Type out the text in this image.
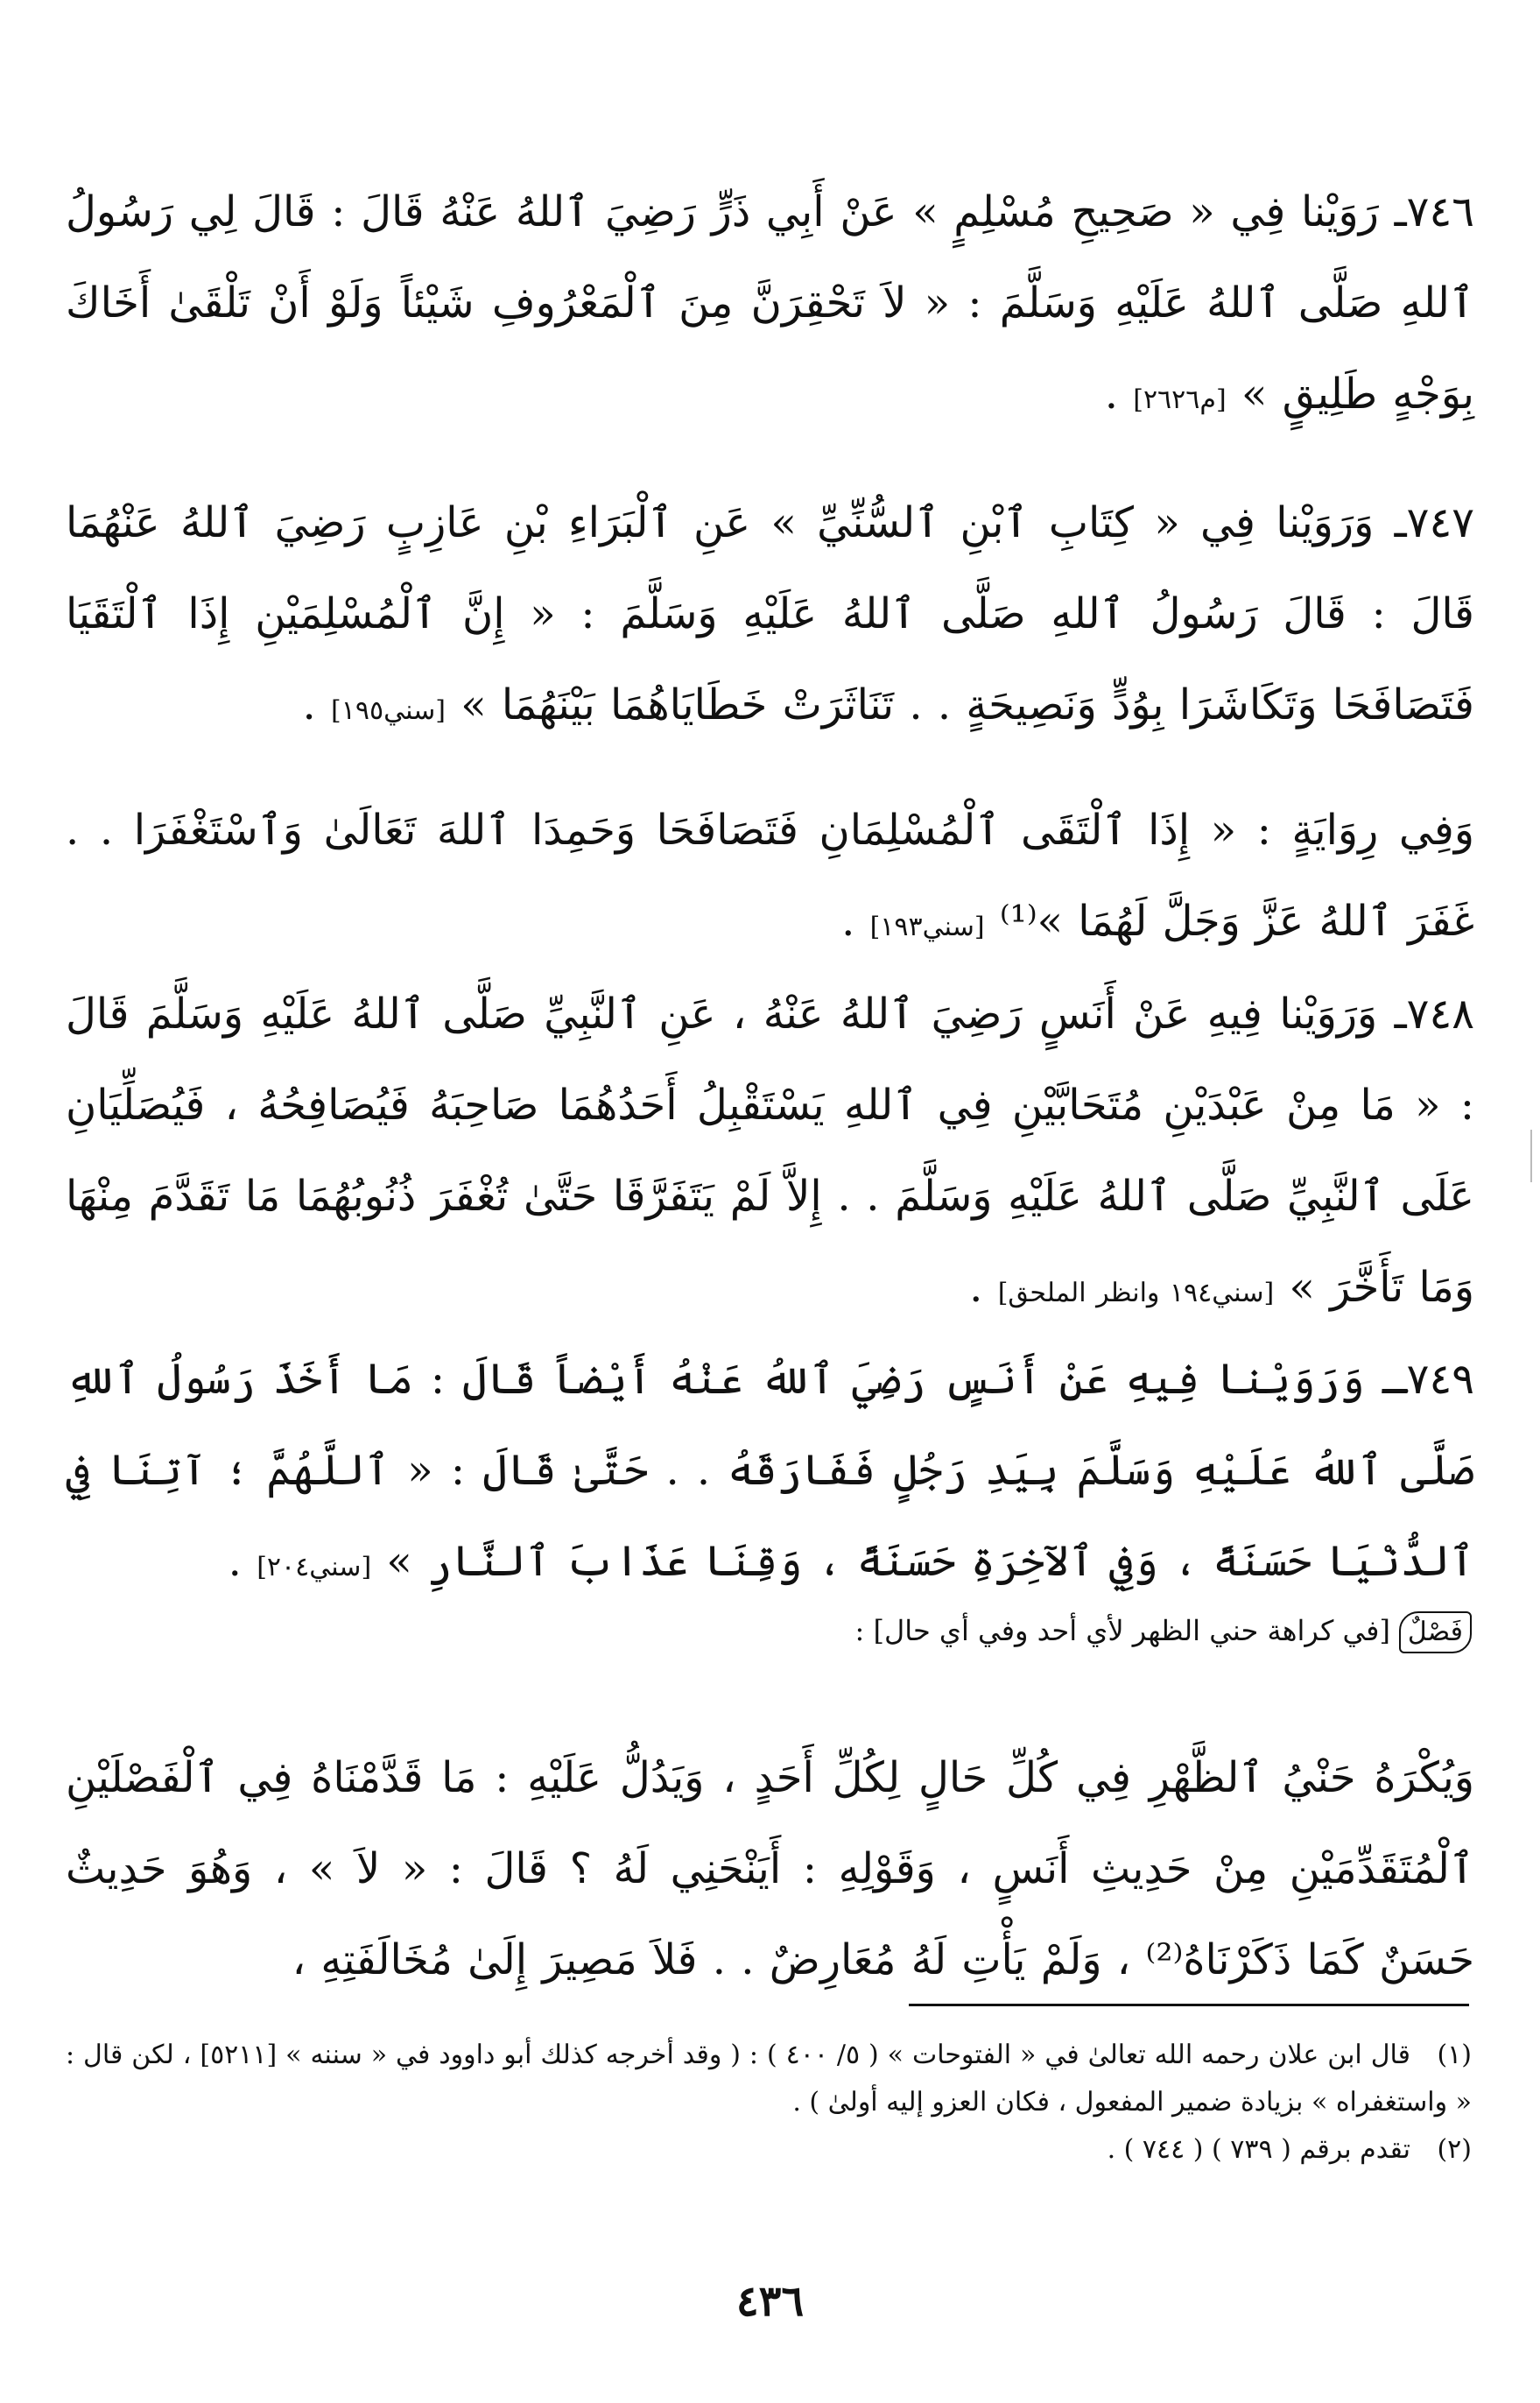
٧٤٦ـ رَوَيْنا فِي « صَحِيحِ مُسْلِمٍ » عَنْ أَبِي ذَرٍّ رَضِيَ ٱللهُ عَنْهُ قَالَ : قَالَ لِي رَسُولُ ٱللهِ صَلَّى ٱللهُ عَلَيْهِ وَسَلَّمَ : « لاَ تَحْقِرَنَّ مِنَ ٱلْمَعْرُوفِ شَيْئاً وَلَوْ أَنْ تَلْقَىٰ أَخَاكَ بِوَجْهٍ طَلِيقٍ » [م٢٦٢٦] .

٧٤٧ـ وَرَوَيْنا فِي « كِتَابِ ٱبْنِ ٱلسُّنِّيِّ » عَنِ ٱلْبَرَاءِ بْنِ عَازِبٍ رَضِيَ ٱللهُ عَنْهُمَا قَالَ : قَالَ رَسُولُ ٱللهِ صَلَّى ٱللهُ عَلَيْهِ وَسَلَّمَ : « إِنَّ ٱلْمُسْلِمَيْنِ إِذَا ٱلْتَقَيَا فَتَصَافَحَا وَتَكَاشَرَا بِوُدٍّ وَنَصِيحَةٍ . . تَنَاثَرَتْ خَطَايَاهُمَا بَيْنَهُمَا » [سني١٩٥] .

وَفِي رِوَايَةٍ : « إِذَا ٱلْتَقَى ٱلْمُسْلِمَانِ فَتَصَافَحَا وَحَمِدَا ٱللهَ تَعَالَىٰ وَٱسْتَغْفَرَا . . غَفَرَ ٱللهُ عَزَّ وَجَلَّ لَهُمَا »⁽¹⁾ [سني١٩٣] .

٧٤٨ـ وَرَوَيْنا فِيهِ عَنْ أَنَسٍ رَضِيَ ٱللهُ عَنْهُ ، عَنِ ٱلنَّبِيِّ صَلَّى ٱللهُ عَلَيْهِ وَسَلَّمَ قَالَ : « مَا مِنْ عَبْدَيْنِ مُتَحَابَّيْنِ فِي ٱللهِ يَسْتَقْبِلُ أَحَدُهُمَا صَاحِبَهُ فَيُصَافِحُهُ ، فَيُصَلِّيَانِ عَلَى ٱلنَّبِيِّ صَلَّى ٱللهُ عَلَيْهِ وَسَلَّمَ . . إِلاَّ لَمْ يَتَفَرَّقَا حَتَّىٰ تُغْفَرَ ذُنُوبُهُمَا مَا تَقَدَّمَ مِنْهَا وَمَا تَأَخَّرَ » [سني١٩٤ وانظر الملحق] .

٧٤٩ـ وَرَوَيْنا فِيهِ عَنْ أَنَسٍ رَضِيَ ٱللهُ عَنْهُ أَيْضاً قَالَ : مَا أَخَذَ رَسُولُ ٱللهِ صَلَّى ٱللهُ عَلَيْهِ وَسَلَّمَ بِيَدِ رَجُلٍ فَفَارَقَهُ . . حَتَّىٰ قَالَ : « ٱللَّهُمَّ ؛ آتِنَا فِي ٱلدُّنْيَا حَسَنَةً ، وَفِي ٱلآخِرَةِ حَسَنَةً ، وَقِنَا عَذَابَ ٱلنَّارِ » [سني٢٠٤] .

فَصْلٌ[في كراهة حني الظهر لأي أحد وفي أي حال] :

وَيُكْرَهُ حَنْيُ ٱلظَّهْرِ فِي كُلِّ حَالٍ لِكُلِّ أَحَدٍ ، وَيَدُلُّ عَلَيْهِ : مَا قَدَّمْنَاهُ فِي ٱلْفَصْلَيْنِ ٱلْمُتَقَدِّمَيْنِ مِنْ حَدِيثِ أَنَسٍ ، وَقَوْلِهِ : أَيَنْحَنِي لَهُ ؟ قَالَ : « لاَ » ، وَهُوَ حَدِيثٌ حَسَنٌ كَمَا ذَكَرْنَاهُ⁽²⁾ ، وَلَمْ يَأْتِ لَهُ مُعَارِضٌ . . فَلاَ مَصِيرَ إِلَىٰ مُخَالَفَتِهِ ،

(١)قال ابن علان رحمه الله تعالىٰ في « الفتوحات » ( ٥/ ٤٠٠ ) : ( وقد أخرجه كذلك أبو داوود في « سننه » [٥٢١١] ، لكن قال : « واستغفراه » بزيادة ضمير المفعول ، فكان العزو إليه أولىٰ ) .

(٢)تقدم برقم ( ٧٣٩ ) ( ٧٤٤ ) .

٤٣٦
